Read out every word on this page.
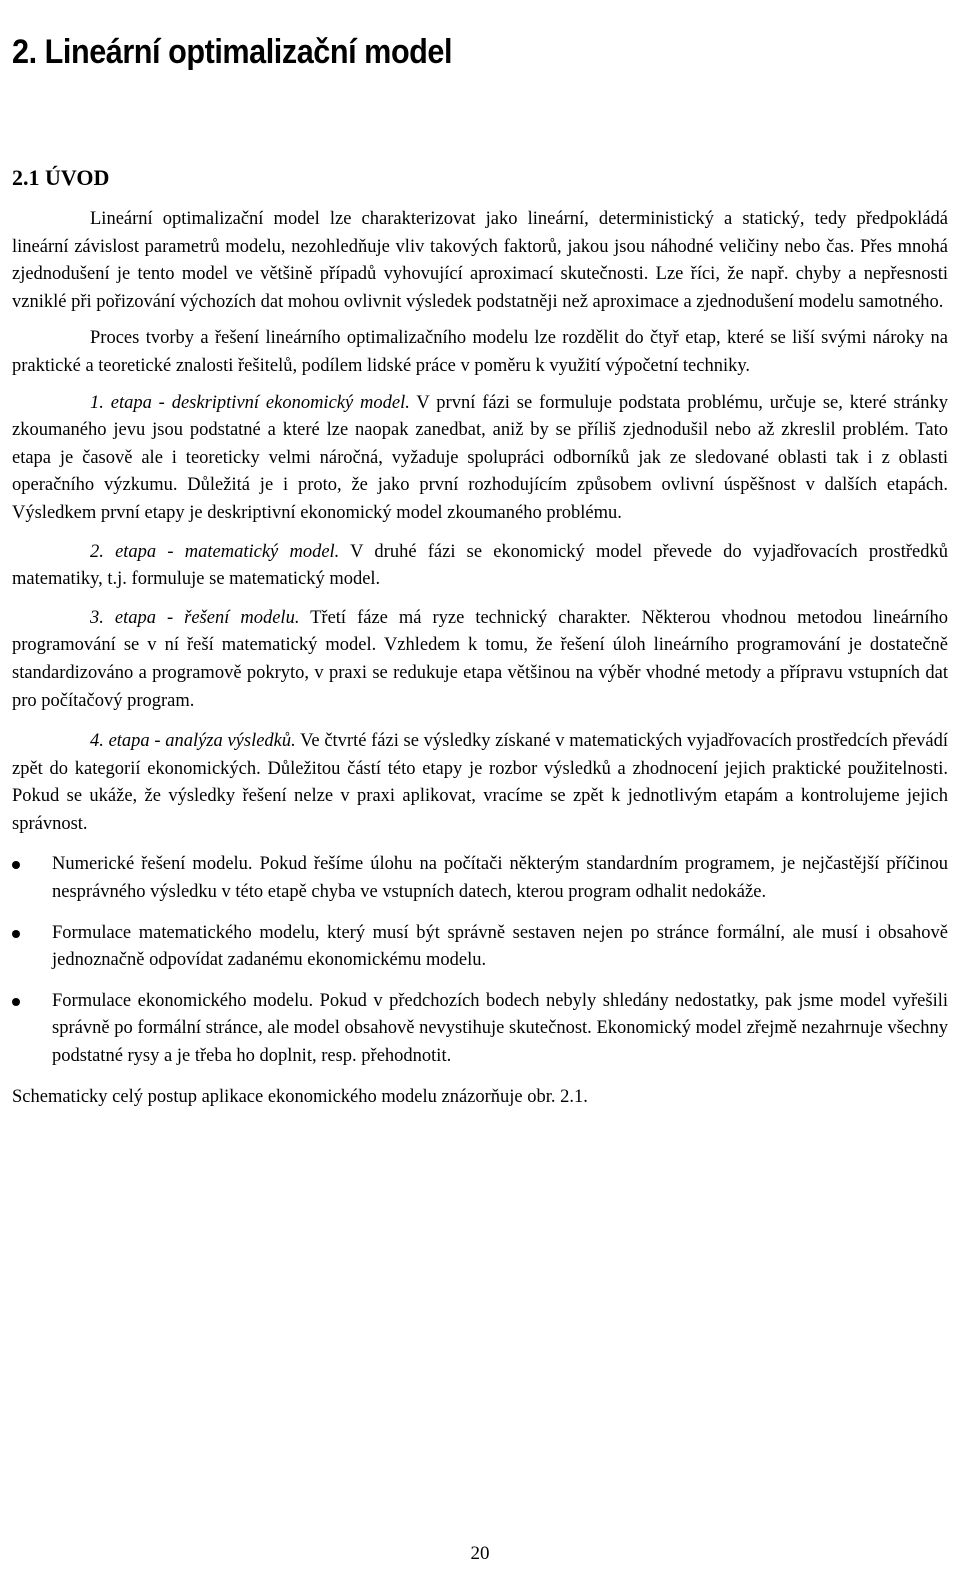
2. Lineární optimalizační model
2.1 ÚVOD

Lineární optimalizační model lze charakterizovat jako lineární, deterministický a statický, tedy předpokládá lineární závislost parametrů modelu, nezohledňuje vliv takových faktorů, jakou jsou náhodné veličiny nebo čas. Přes mnohá zjednodušení je tento model ve většině případů vyhovující aproximací skutečnosti. Lze říci, že např. chyby a nepřesnosti vzniklé při pořizování výchozích dat mohou ovlivnit výsledek podstatněji než aproximace a zjednodušení modelu samotného.

Proces tvorby a řešení lineárního optimalizačního modelu lze rozdělit do čtyř etap, které se liší svými nároky na praktické a teoretické znalosti řešitelů, podílem lidské práce v poměru k využití výpočetní techniky.

1. etapa - deskriptivní ekonomický model. V první fázi se formuluje podstata problému, určuje se, které stránky zkoumaného jevu jsou podstatné a které lze naopak zanedbat, aniž by se příliš zjednodušil nebo až zkreslil problém. Tato etapa je časově ale i teoreticky velmi náročná, vyžaduje spolupráci odborníků jak ze sledované oblasti tak i z oblasti operačního výzkumu. Důležitá je i proto, že jako první rozhodujícím způsobem ovlivní úspěšnost v dalších etapách. Výsledkem první etapy je deskriptivní ekonomický model zkoumaného problému.

2. etapa - matematický model. V druhé fázi se ekonomický model převede do vyjadřovacích prostředků matematiky, t.j. formuluje se matematický model.

3. etapa - řešení modelu. Třetí fáze má ryze technický charakter. Některou vhodnou metodou lineárního programování se v ní řeší matematický model. Vzhledem k tomu, že řešení úloh lineárního programování je dostatečně standardizováno a programově pokryto, v praxi se redukuje etapa většinou na výběr vhodné metody a přípravu vstupních dat pro počítačový program.

4. etapa - analýza výsledků. Ve čtvrté fázi se výsledky získané v matematických vyjadřovacích prostředcích převádí zpět do kategorií ekonomických. Důležitou částí této etapy je rozbor výsledků a zhodnocení jejich praktické použitelnosti. Pokud se ukáže, že výsledky řešení nelze v praxi aplikovat, vracíme se zpět k jednotlivým etapám a kontrolujeme jejich správnost.

Numerické řešení modelu. Pokud řešíme úlohu na počítači některým standardním programem, je nejčastější příčinou nesprávného výsledku v této etapě chyba ve vstupních datech, kterou program odhalit nedokáže.
Formulace matematického modelu, který musí být správně sestaven nejen po stránce formální, ale musí i obsahově jednoznačně odpovídat zadanému ekonomickému modelu.
Formulace ekonomického modelu. Pokud v předchozích bodech nebyly shledány nedostatky, pak jsme model vyřešili správně po formální stránce, ale model obsahově nevystihuje skutečnost. Ekonomický model zřejmě nezahrnuje všechny podstatné rysy a je třeba ho doplnit, resp. přehodnotit.

Schematicky celý postup aplikace ekonomického modelu znázorňuje obr. 2.1.

20
